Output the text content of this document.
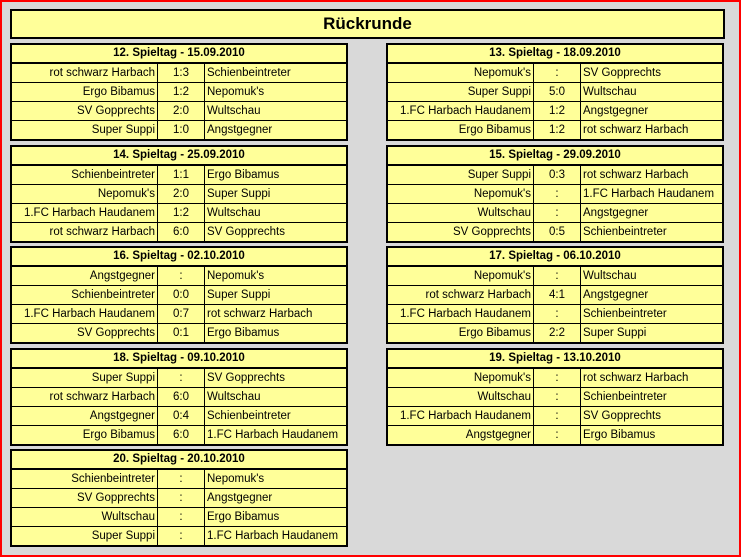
Rückrunde
12. Spieltag - 15.09.2010
rot schwarz Harbach	1:3	Schienbeintreter
Ergo Bibamus	1:2	Nepomuk's
SV Gopprechts	2:0	Wultschau
Super Suppi	1:0	Angstgegner
13. Spieltag - 18.09.2010
Nepomuk's	:	SV Gopprechts
Super Suppi	5:0	Wultschau
1.FC Harbach Haudanem	1:2	Angstgegner
Ergo Bibamus	1:2	rot schwarz Harbach
14. Spieltag - 25.09.2010
Schienbeintreter	1:1	Ergo Bibamus
Nepomuk's	2:0	Super Suppi
1.FC Harbach Haudanem	1:2	Wultschau
rot schwarz Harbach	6:0	SV Gopprechts
15. Spieltag - 29.09.2010
Super Suppi	0:3	rot schwarz Harbach
Nepomuk's	:	1.FC Harbach Haudanem
Wultschau	:	Angstgegner
SV Gopprechts	0:5	Schienbeintreter
16. Spieltag - 02.10.2010
Angstgegner	:	Nepomuk's
Schienbeintreter	0:0	Super Suppi
1.FC Harbach Haudanem	0:7	rot schwarz Harbach
SV Gopprechts	0:1	Ergo Bibamus
17. Spieltag - 06.10.2010
Nepomuk's	:	Wultschau
rot schwarz Harbach	4:1	Angstgegner
1.FC Harbach Haudanem	:	Schienbeintreter
Ergo Bibamus	2:2	Super Suppi
18. Spieltag - 09.10.2010
Super Suppi	:	SV Gopprechts
rot schwarz Harbach	6:0	Wultschau
Angstgegner	0:4	Schienbeintreter
Ergo Bibamus	6:0	1.FC Harbach Haudanem
19. Spieltag - 13.10.2010
Nepomuk's	:	rot schwarz Harbach
Wultschau	:	Schienbeintreter
1.FC Harbach Haudanem	:	SV Gopprechts
Angstgegner	:	Ergo Bibamus
20. Spieltag - 20.10.2010
Schienbeintreter	:	Nepomuk's
SV Gopprechts	:	Angstgegner
Wultschau	:	Ergo Bibamus
Super Suppi	:	1.FC Harbach Haudanem
